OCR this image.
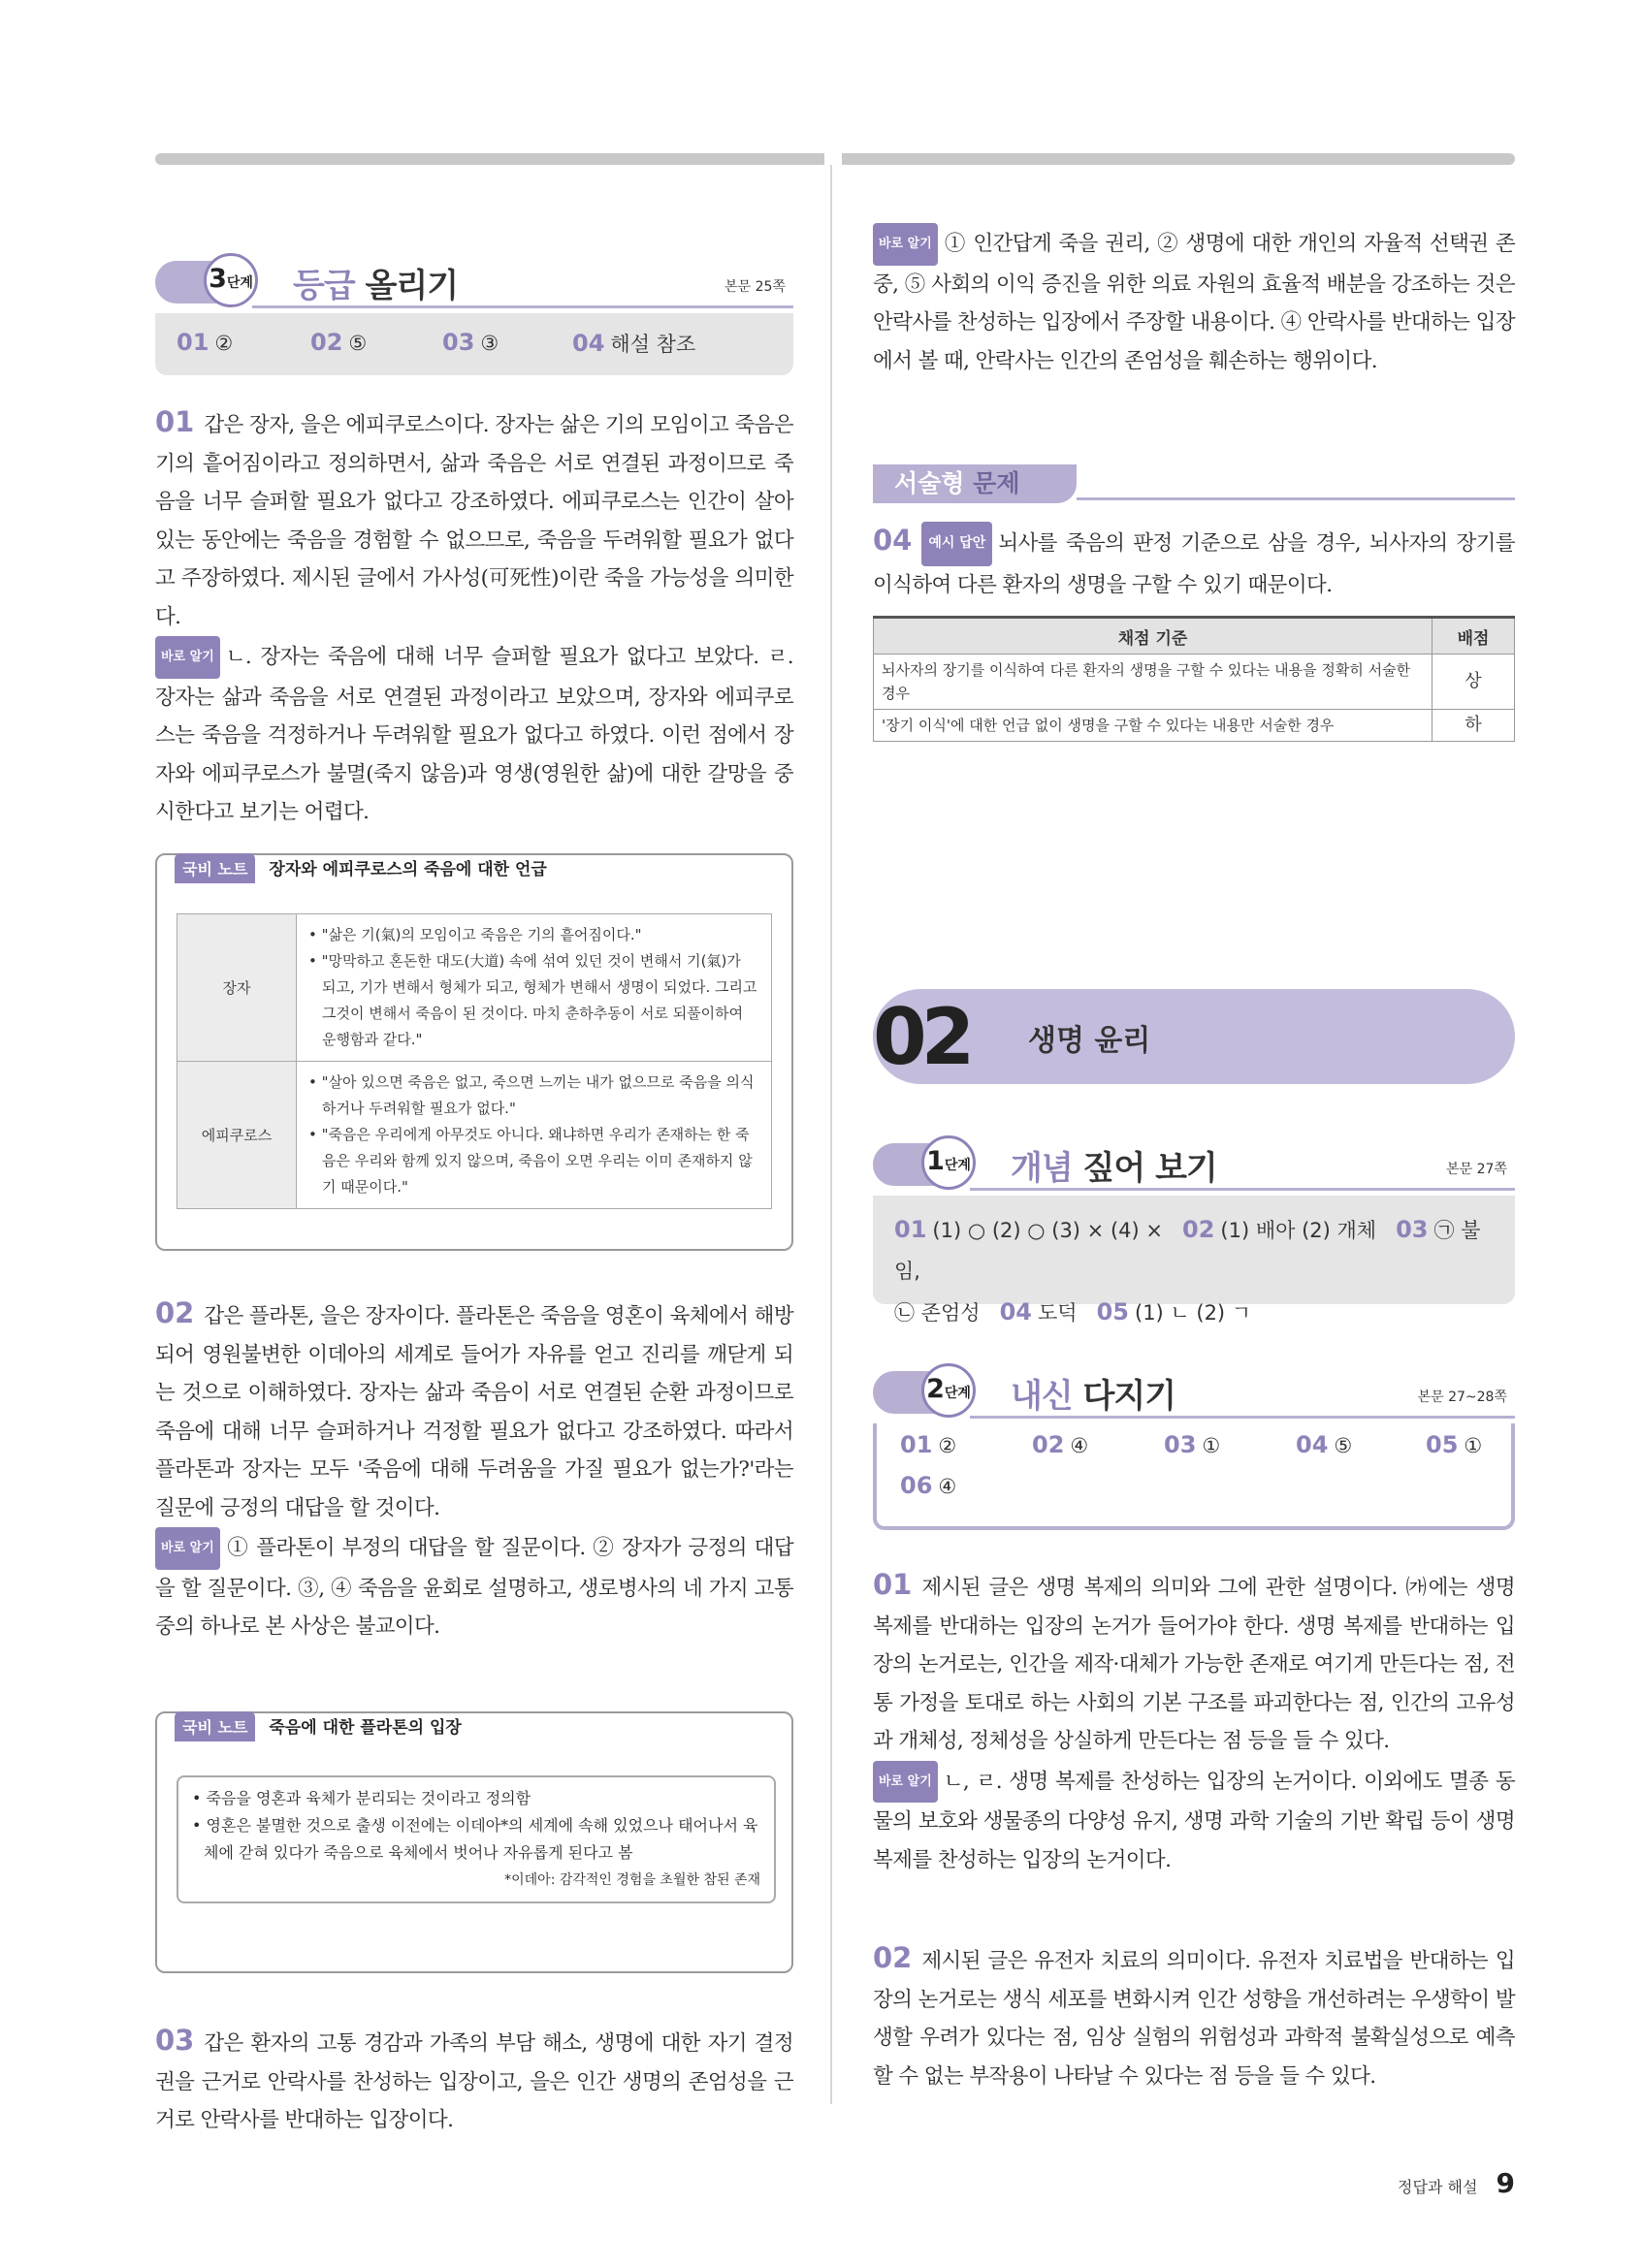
3단계 등급 올리기	본문 25쪽
01 ②	02 ⑤	03 ③	04 해설 참조

01 갑은 장자, 을은 에피쿠로스이다. 장자는 삶은 기의 모임이고 죽음은 기의 흩어짐이라고 정의하면서, 삶과 죽음은 서로 연결된 과정이므로 죽음을 너무 슬퍼할 필요가 없다고 강조하였다. 에피쿠로스는 인간이 살아 있는 동안에는 죽음을 경험할 수 없으므로, 죽음을 두려워할 필요가 없다고 주장하였다. 제시된 글에서 가사성(可死性)이란 죽을 가능성을 의미한다.

바로 알기 ㄴ. 장자는 죽음에 대해 너무 슬퍼할 필요가 없다고 보았다. ㄹ. 장자는 삶과 죽음을 서로 연결된 과정이라고 보았으며, 장자와 에피쿠로스는 죽음을 걱정하거나 두려워할 필요가 없다고 하였다. 이런 점에서 장자와 에피쿠로스가 불멸(죽지 않음)과 영생(영원한 삶)에 대한 갈망을 중시한다고 보기는 어렵다.

국비 노트 장자와 에피쿠로스의 죽음에 대한 언급
장자	• "삶은 기(氣)의 모임이고 죽음은 기의 흩어짐이다."
• "망막하고 혼돈한 대도(大道) 속에 섞여 있던 것이 변해서 기(氣)가 되고, 기가 변해서 형체가 되고, 형체가 변해서 생명이 되었다. 그리고 그것이 변해서 죽음이 된 것이다. 마치 춘하추동이 서로 되풀이하여 운행함과 같다."

에피쿠로스	• "살아 있으면 죽음은 없고, 죽으면 느끼는 내가 없으므로 죽음을 의식하거나 두려워할 필요가 없다."
• "죽음은 우리에게 아무것도 아니다. 왜냐하면 우리가 존재하는 한 죽음은 우리와 함께 있지 않으며, 죽음이 오면 우리는 이미 존재하지 않기 때문이다."

02 갑은 플라톤, 을은 장자이다. 플라톤은 죽음을 영혼이 육체에서 해방되어 영원불변한 이데아의 세계로 들어가 자유를 얻고 진리를 깨닫게 되는 것으로 이해하였다. 장자는 삶과 죽음이 서로 연결된 순환 과정이므로 죽음에 대해 너무 슬퍼하거나 걱정할 필요가 없다고 강조하였다. 따라서 플라톤과 장자는 모두 '죽음에 대해 두려움을 가질 필요가 없는가?'라는 질문에 긍정의 대답을 할 것이다.

바로 알기 ① 플라톤이 부정의 대답을 할 질문이다. ② 장자가 긍정의 대답을 할 질문이다. ③, ④ 죽음을 윤회로 설명하고, 생로병사의 네 가지 고통 중의 하나로 본 사상은 불교이다.

국비 노트 죽음에 대한 플라톤의 입장
• 죽음을 영혼과 육체가 분리되는 것이라고 정의함
• 영혼은 불멸한 것으로 출생 이전에는 이데아*의 세계에 속해 있었으나 태어나서 육체에 갇혀 있다가 죽음으로 육체에서 벗어나 자유롭게 된다고 봄
*이데아: 감각적인 경험을 초월한 참된 존재

03 갑은 환자의 고통 경감과 가족의 부담 해소, 생명에 대한 자기 결정권을 근거로 안락사를 찬성하는 입장이고, 을은 인간 생명의 존엄성을 근거로 안락사를 반대하는 입장이다.

바로 알기 ① 인간답게 죽을 권리, ② 생명에 대한 개인의 자율적 선택권 존중, ⑤ 사회의 이익 증진을 위한 의료 자원의 효율적 배분을 강조하는 것은 안락사를 찬성하는 입장에서 주장할 내용이다. ④ 안락사를 반대하는 입장에서 볼 때, 안락사는 인간의 존엄성을 훼손하는 행위이다.

서술형 문제

04 예시 답안 뇌사를 죽음의 판정 기준으로 삼을 경우, 뇌사자의 장기를 이식하여 다른 환자의 생명을 구할 수 있기 때문이다.

채점 기준	배점
뇌사자의 장기를 이식하여 다른 환자의 생명을 구할 수 있다는 내용을 정확히 서술한 경우	상
'장기 이식'에 대한 언급 없이 생명을 구할 수 있다는 내용만 서술한 경우	하
02 생명 윤리
1단계 개념 짚어 보기	본문 27쪽
01 (1) ○ (2) ○ (3) × (4) × 02 (1) 배아 (2) 개체 03 ㉠ 불임,
㉡ 존엄성 04 도덕 05 (1) ㄴ (2) ㄱ
2단계 내신 다지기	본문 27~28쪽
01 ②	02 ④	03 ①	04 ⑤	05 ①
06 ④

01 제시된 글은 생명 복제의 의미와 그에 관한 설명이다. ㈎에는 생명 복제를 반대하는 입장의 논거가 들어가야 한다. 생명 복제를 반대하는 입장의 논거로는, 인간을 제작·대체가 가능한 존재로 여기게 만든다는 점, 전통 가정을 토대로 하는 사회의 기본 구조를 파괴한다는 점, 인간의 고유성과 개체성, 정체성을 상실하게 만든다는 점 등을 들 수 있다.

바로 알기 ㄴ, ㄹ. 생명 복제를 찬성하는 입장의 논거이다. 이외에도 멸종 동물의 보호와 생물종의 다양성 유지, 생명 과학 기술의 기반 확립 등이 생명 복제를 찬성하는 입장의 논거이다.

02 제시된 글은 유전자 치료의 의미이다. 유전자 치료법을 반대하는 입장의 논거로는 생식 세포를 변화시켜 인간 성향을 개선하려는 우생학이 발생할 우려가 있다는 점, 임상 실험의 위험성과 과학적 불확실성으로 예측할 수 없는 부작용이 나타날 수 있다는 점 등을 들 수 있다.

정답과 해설 9
